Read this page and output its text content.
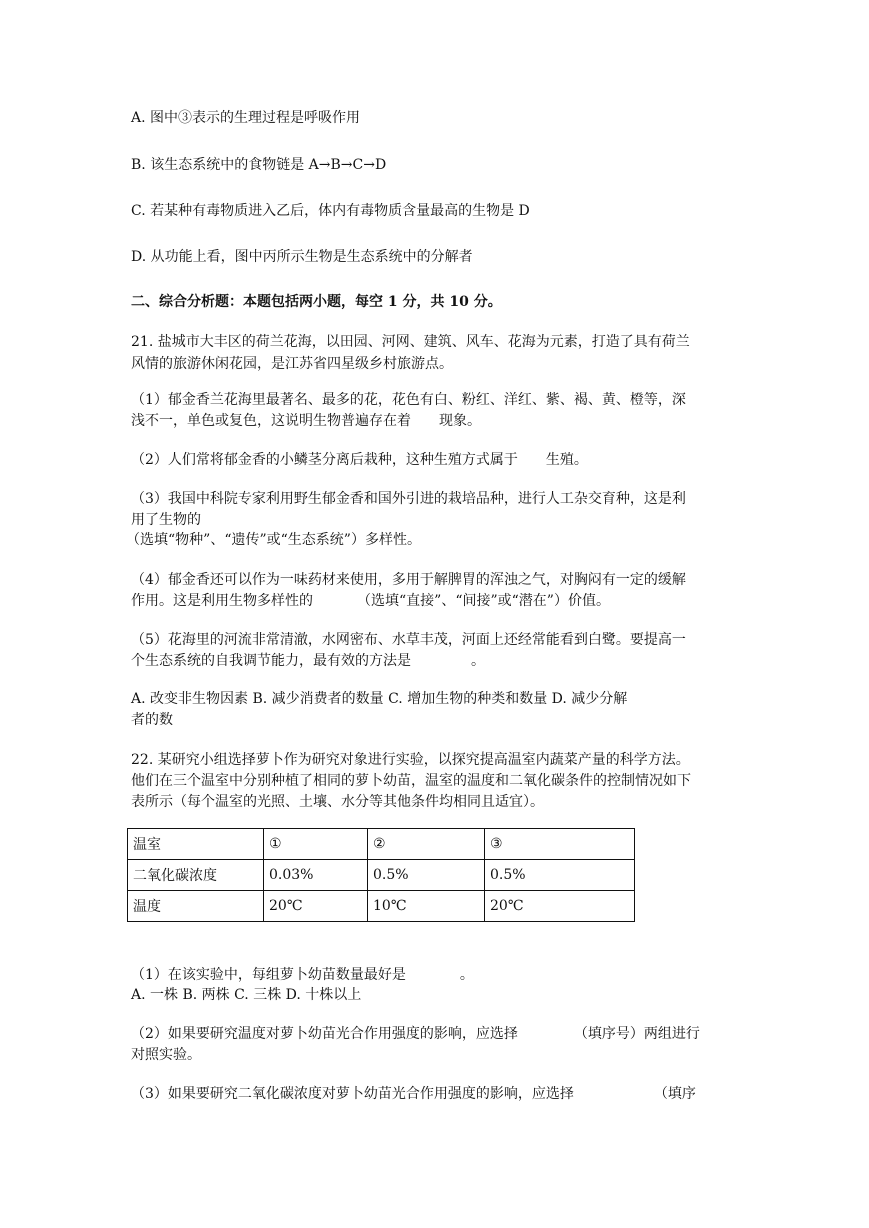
A. 图中③表示的生理过程是呼吸作用
B. 该生态系统中的食物链是 A→B→C→D
C. 若某种有毒物质进入乙后，体内有毒物质含量最高的生物是 D
D. 从功能上看，图中丙所示生物是生态系统中的分解者
二、综合分析题：本题包括两小题，每空 1 分，共 10 分。
21. 盐城市大丰区的荷兰花海，以田园、河网、建筑、风车、花海为元素，打造了具有荷兰
风情的旅游休闲花园，是江苏省四星级乡村旅游点。
（1）郁金香兰花海里最著名、最多的花，花色有白、粉红、洋红、紫、褐、黄、橙等，深
浅不一，单色或复色，这说明生物普遍存在着 现象。
（2）人们常将郁金香的小鳞茎分离后栽种，这种生殖方式属于 生殖。
（3）我国中科院专家利用野生郁金香和国外引进的栽培品种，进行人工杂交育种，这是利
用了生物的
（选填“物种”、“遗传”或“生态系统”）多样性。
（4）郁金香还可以作为一味药材来使用，多用于解脾胃的浑浊之气，对胸闷有一定的缓解
作用。这是利用生物多样性的	（选填“直接”、“间接”或“潜在”）价值。
（5）花海里的河流非常清澈，水网密布、水草丰茂，河面上还经常能看到白鹭。要提高一
个生态系统的自我调节能力，最有效的方法是	。
A. 改变非生物因素 B. 减少消费者的数量 C. 增加生物的种类和数量 D. 减少分解
者的数
22. 某研究小组选择萝卜作为研究对象进行实验，以探究提高温室内蔬菜产量的科学方法。
他们在三个温室中分别种植了相同的萝卜幼苗，温室的温度和二氧化碳条件的控制情况如下
表所示（每个温室的光照、土壤、水分等其他条件均相同且适宜）。
温室	①	②	③
二氧化碳浓度	0.03%	0.5%	0.5%
温度	20℃	10℃	20℃
（1）在该实验中，每组萝卜幼苗数量最好是	。
A. 一株 B. 两株 C. 三株 D. 十株以上
（2）如果要研究温度对萝卜幼苗光合作用强度的影响，应选择	（填序号）两组进行
对照实验。
（3）如果要研究二氧化碳浓度对萝卜幼苗光合作用强度的影响，应选择	（填序
